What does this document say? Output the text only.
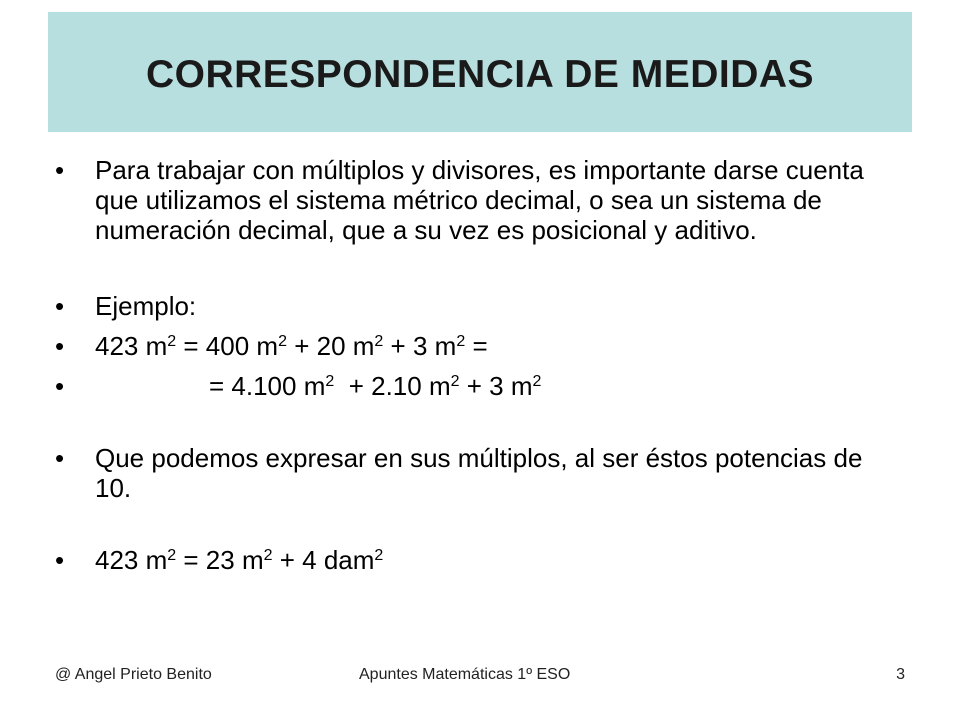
CORRESPONDENCIA DE MEDIDAS
• Para trabajar con múltiplos y divisores, es importante darse cuenta que utilizamos el sistema métrico decimal, o sea un sistema de numeración decimal, que a su vez es posicional y aditivo.
• Ejemplo:
• 423 $m^2 = 400$ $m^2 + 20$ $m^2 + 3$ $m^2$ =
•	= 4.100 $m^2 + 2.10$ $m^2 + 3$ $m^2$
• Que podemos expresar en sus múltiplos, al ser éstos potencias de 10.
• 423 $m^2 = 23$ $m^2 + 4$ dam$^2$
@ Angel Prieto Benito	Apuntes Matemáticas 1º ESO	3
